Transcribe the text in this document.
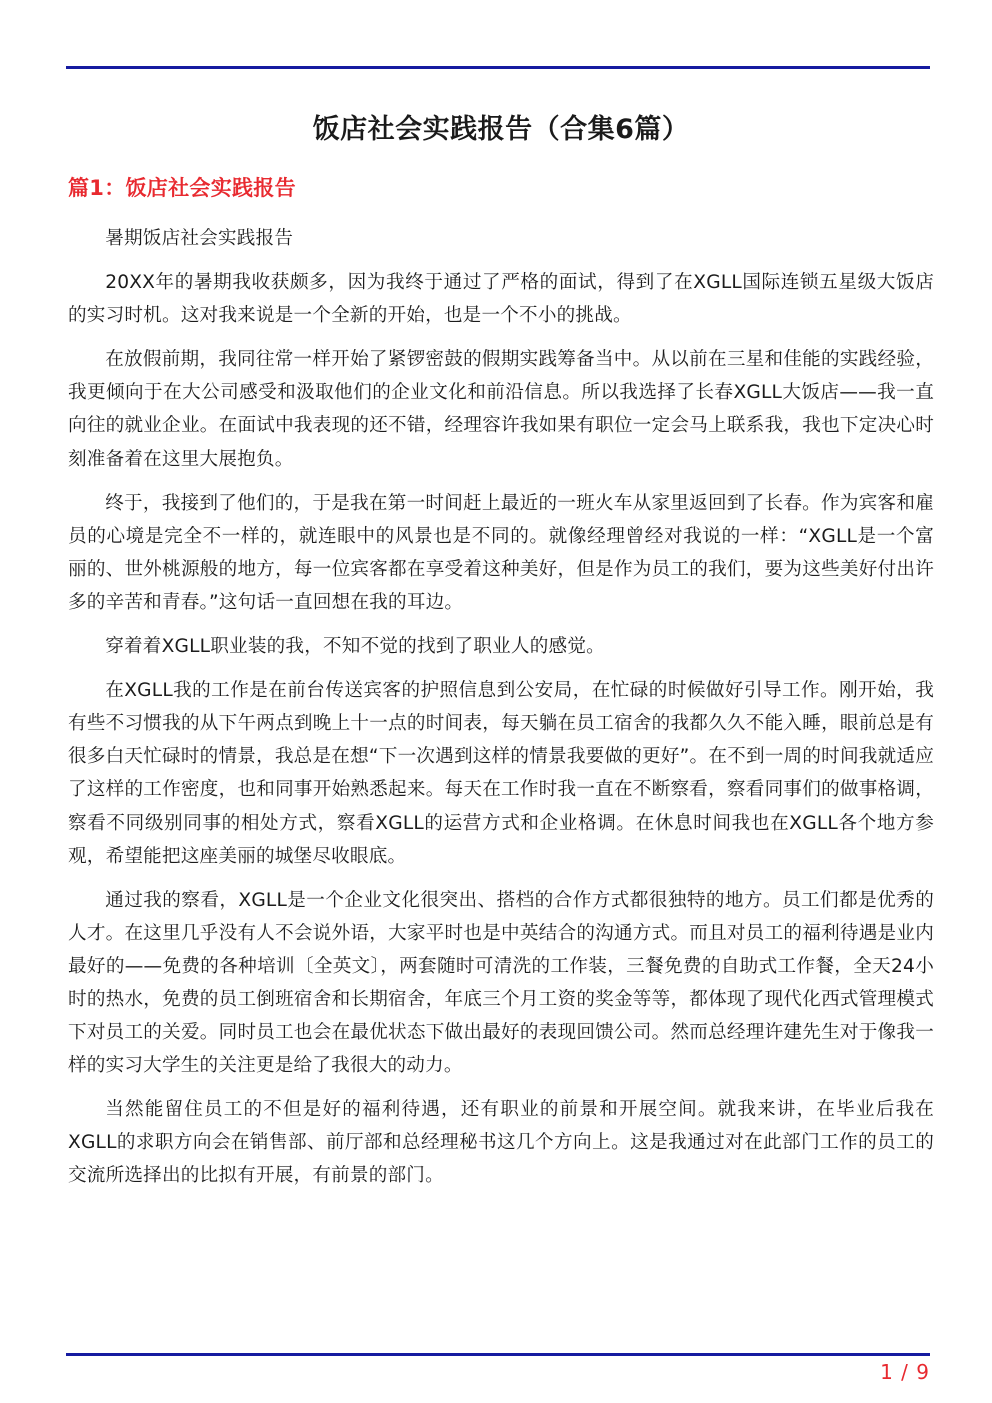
饭店社会实践报告（合集6篇）
篇1：饭店社会实践报告

暑期饭店社会实践报告

20XX年的暑期我收获颇多，因为我终于通过了严格的面试，得到了在XGLL国际连锁五星级大饭店的实习时机。这对我来说是一个全新的开始，也是一个不小的挑战。

在放假前期，我同往常一样开始了紧锣密鼓的假期实践筹备当中。从以前在三星和佳能的实践经验，我更倾向于在大公司感受和汲取他们的企业文化和前沿信息。所以我选择了长春XGLL大饭店——我一直向往的就业企业。在面试中我表现的还不错，经理容许我如果有职位一定会马上联系我，我也下定决心时刻准备着在这里大展抱负。

终于，我接到了他们的，于是我在第一时间赶上最近的一班火车从家里返回到了长春。作为宾客和雇员的心境是完全不一样的，就连眼中的风景也是不同的。就像经理曾经对我说的一样：“XGLL是一个富丽的、世外桃源般的地方，每一位宾客都在享受着这种美好，但是作为员工的我们，要为这些美好付出许多的辛苦和青春。”这句话一直回想在我的耳边。

穿着着XGLL职业装的我，不知不觉的找到了职业人的感觉。

在XGLL我的工作是在前台传送宾客的护照信息到公安局，在忙碌的时候做好引导工作。刚开始，我有些不习惯我的从下午两点到晚上十一点的时间表，每天躺在员工宿舍的我都久久不能入睡，眼前总是有很多白天忙碌时的情景，我总是在想“下一次遇到这样的情景我要做的更好”。在不到一周的时间我就适应了这样的工作密度，也和同事开始熟悉起来。每天在工作时我一直在不断察看，察看同事们的做事格调，察看不同级别同事的相处方式，察看XGLL的运营方式和企业格调。在休息时间我也在XGLL各个地方参观，希望能把这座美丽的城堡尽收眼底。

通过我的察看，XGLL是一个企业文化很突出、搭档的合作方式都很独特的地方。员工们都是优秀的人才。在这里几乎没有人不会说外语，大家平时也是中英结合的沟通方式。而且对员工的福利待遇是业内最好的——免费的各种培训〔全英文〕，两套随时可清洗的工作装，三餐免费的自助式工作餐，全天24小时的热水，免费的员工倒班宿舍和长期宿舍，年底三个月工资的奖金等等，都体现了现代化西式管理模式下对员工的关爱。同时员工也会在最优状态下做出最好的表现回馈公司。然而总经理许建先生对于像我一样的实习大学生的关注更是给了我很大的动力。

当然能留住员工的不但是好的福利待遇，还有职业的前景和开展空间。就我来讲，在毕业后我在XGLL的求职方向会在销售部、前厅部和总经理秘书这几个方向上。这是我通过对在此部门工作的员工的交流所选择出的比拟有开展，有前景的部门。

1 / 9
